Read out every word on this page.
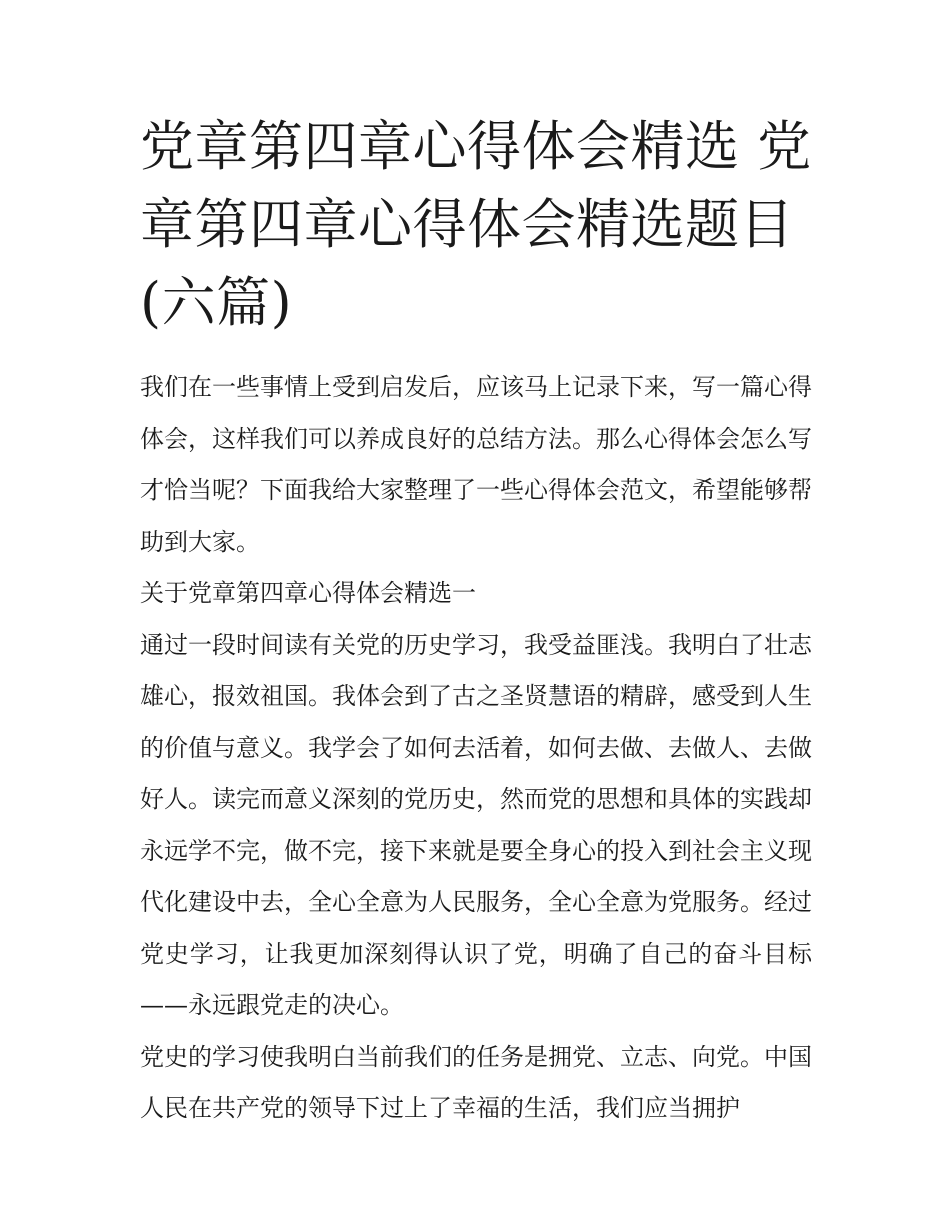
党章第四章心得体会精选 党章第四章心得体会精选题目(六篇)

我们在一些事情上受到启发后，应该马上记录下来，写一篇心得体会，这样我们可以养成良好的总结方法。那么心得体会怎么写才恰当呢？下面我给大家整理了一些心得体会范文，希望能够帮助到大家。

关于党章第四章心得体会精选一

通过一段时间读有关党的历史学习，我受益匪浅。我明白了壮志雄心，报效祖国。我体会到了古之圣贤慧语的精辟，感受到人生的价值与意义。我学会了如何去活着，如何去做、去做人、去做好人。读完而意义深刻的党历史，然而党的思想和具体的实践却永远学不完，做不完，接下来就是要全身心的投入到社会主义现代化建设中去，全心全意为人民服务，全心全意为党服务。经过党史学习，让我更加深刻得认识了党，明确了自己的奋斗目标——永远跟党走的决心。

党史的学习使我明白当前我们的任务是拥党、立志、向党。中国人民在共产党的领导下过上了幸福的生活，我们应当拥护
